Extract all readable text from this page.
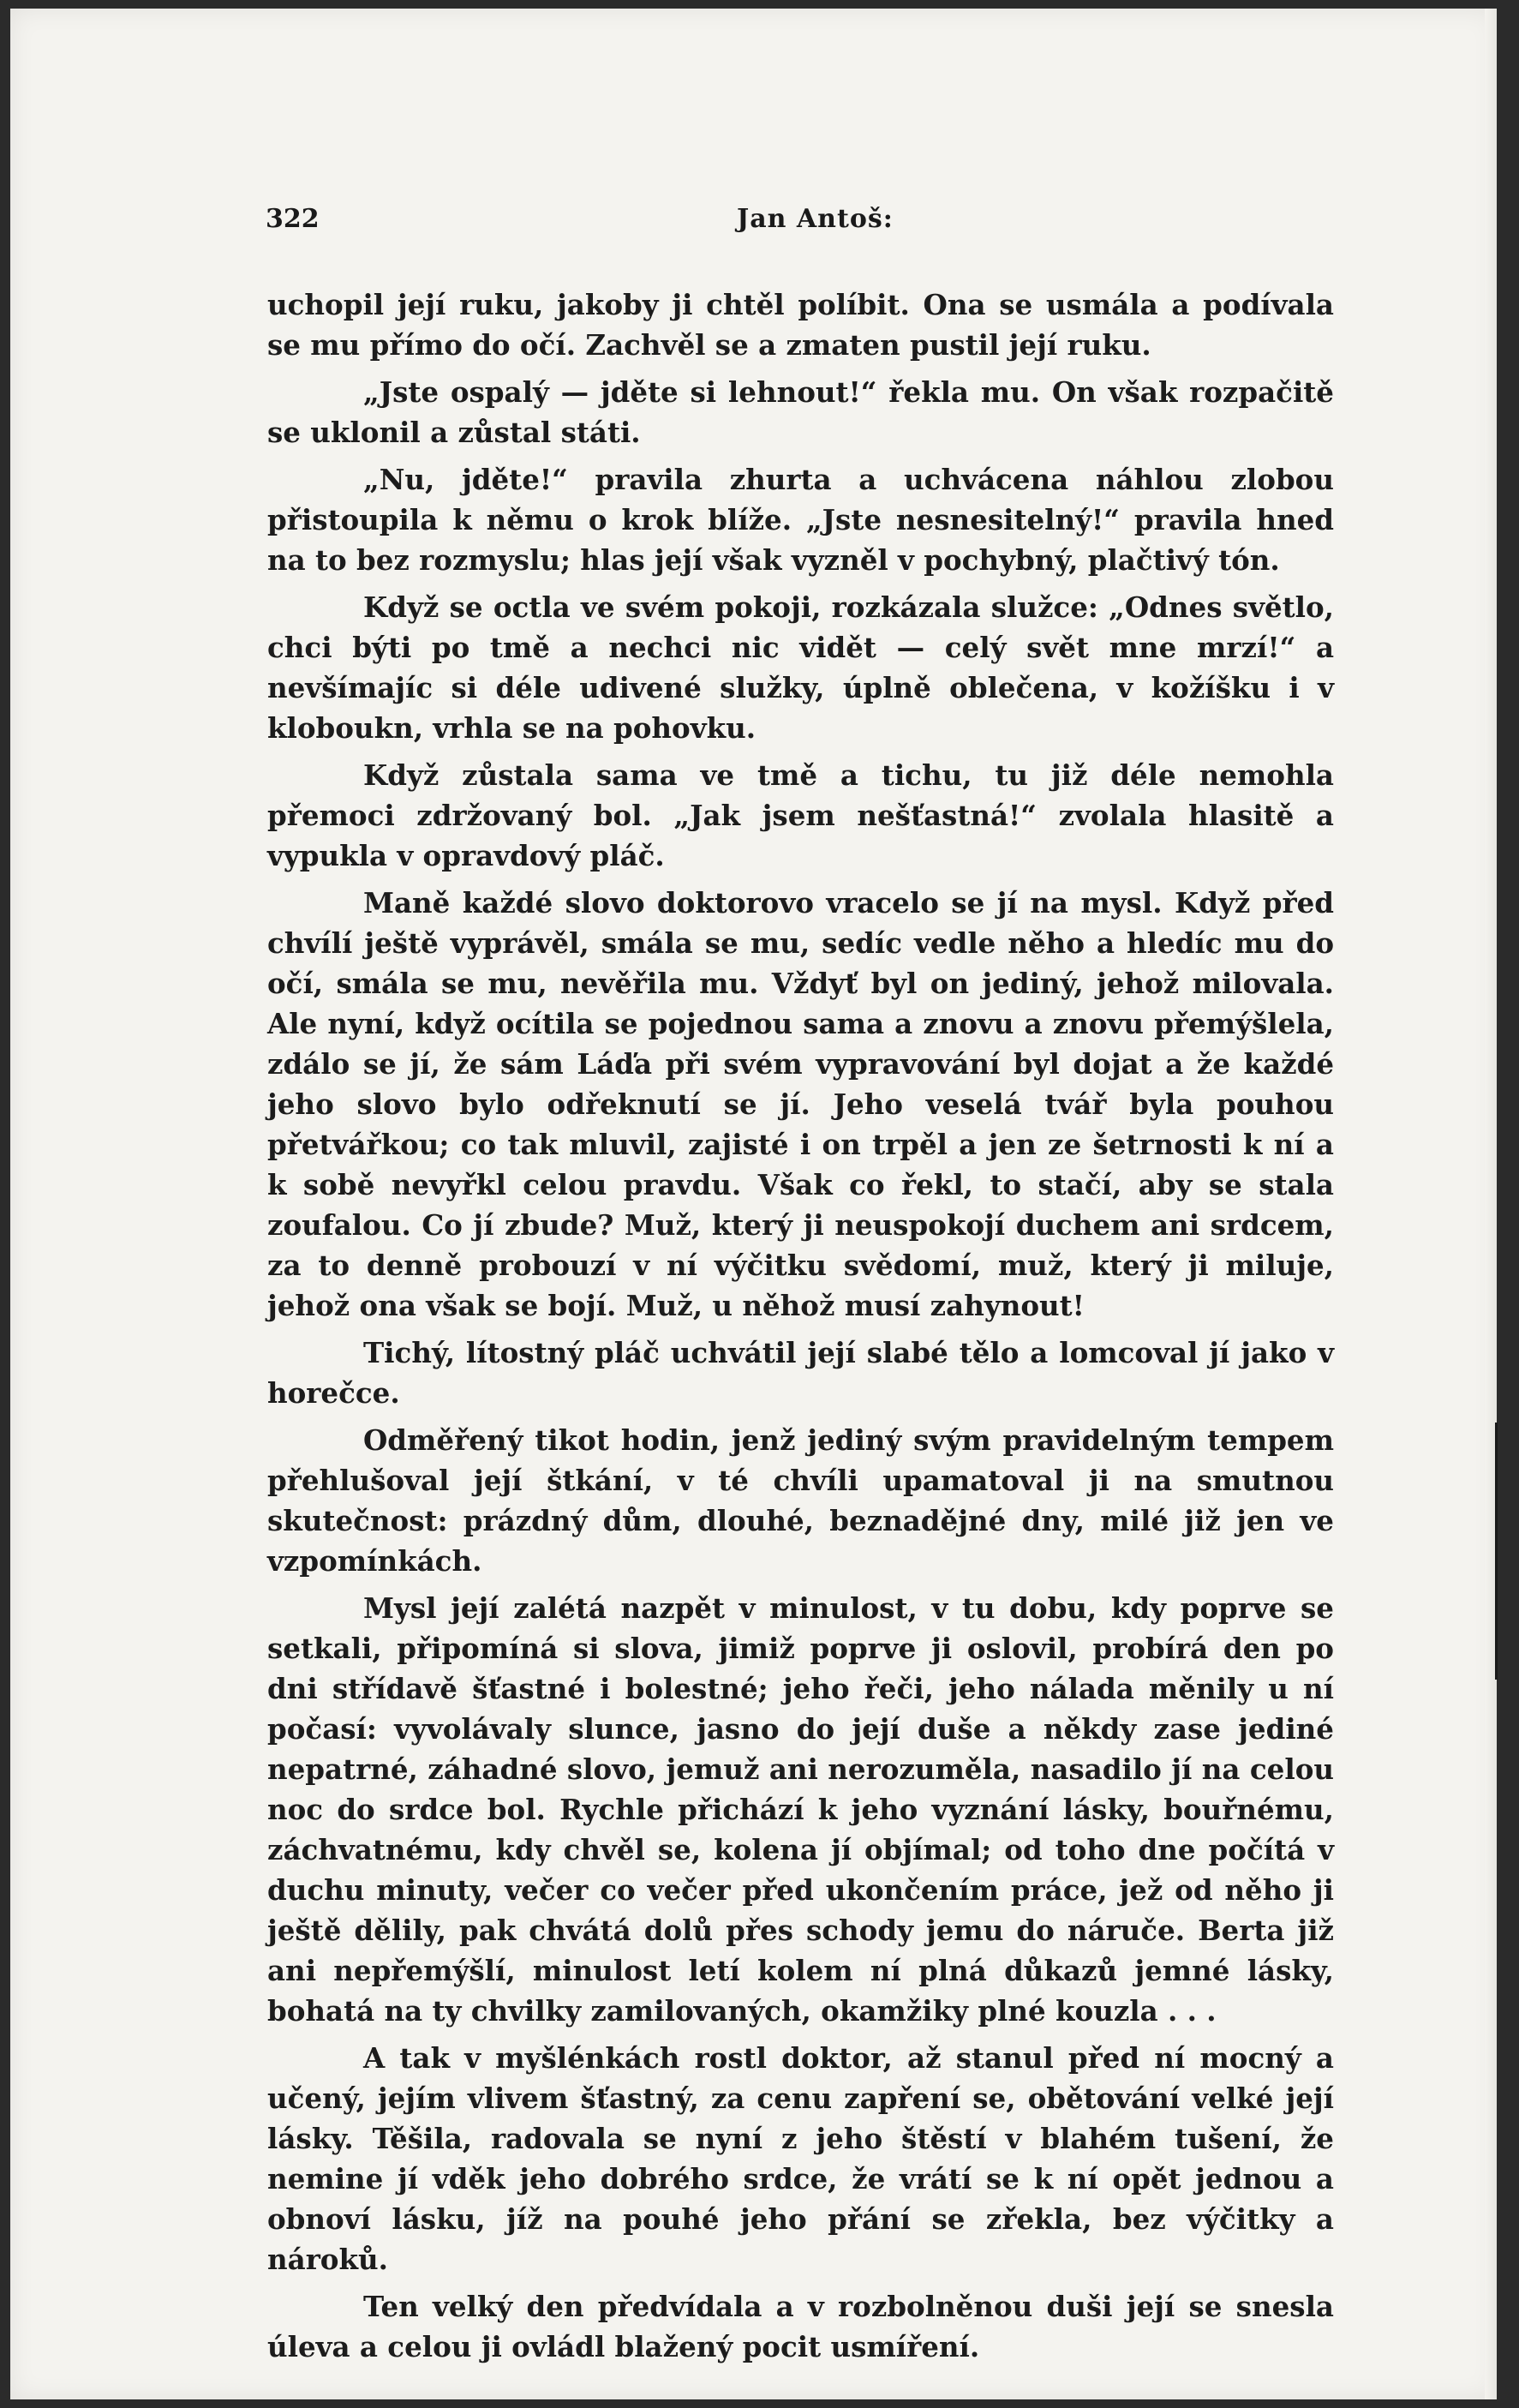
322	Jan Antoš:

uchopil její ruku, jakoby ji chtěl políbit. Ona se usmála a podívala se mu přímo do očí. Zachvěl se a zmaten pustil její ruku.

„Jste ospalý — jděte si lehnout!“ řekla mu. On však rozpačitě se uklonil a zůstal státi.

„Nu, jděte!“ pravila zhurta a uchvácena náhlou zlobou přistoupila k němu o krok blíže. „Jste nesnesitelný!“ pravila hned na to bez rozmyslu; hlas její však vyzněl v pochybný, plačtivý tón.

Když se octla ve svém pokoji, rozkázala služce: „Odnes světlo, chci býti po tmě a nechci nic vidět — celý svět mne mrzí!“ a nevšímajíc si déle udivené služky, úplně oblečena, v kožíšku i v kloboukn, vrhla se na pohovku.

Když zůstala sama ve tmě a tichu, tu již déle nemohla přemoci zdržovaný bol. „Jak jsem nešťastná!“ zvolala hlasitě a vypukla v opravdový pláč.

Maně každé slovo doktorovo vracelo se jí na mysl. Když před chvílí ještě vyprávěl, smála se mu, sedíc vedle něho a hledíc mu do očí, smála se mu, nevěřila mu. Vždyť byl on jediný, jehož milovala. Ale nyní, když ocítila se pojednou sama a znovu a znovu přemýšlela, zdálo se jí, že sám Láďa při svém vypravování byl dojat a že každé jeho slovo bylo odřeknutí se jí. Jeho veselá tvář byla pouhou přetvářkou; co tak mluvil, zajisté i on trpěl a jen ze šetrnosti k ní a k sobě nevyřkl celou pravdu. Však co řekl, to stačí, aby se stala zoufalou. Co jí zbude? Muž, který ji neuspokojí duchem ani srdcem, za to denně probouzí v ní výčitku svědomí, muž, který ji miluje, jehož ona však se bojí. Muž, u něhož musí zahynout!

Tichý, lítostný pláč uchvátil její slabé tělo a lomcoval jí jako v horečce.

Odměřený tikot hodin, jenž jediný svým pravidelným tempem přehlušoval její štkání, v té chvíli upamatoval ji na smutnou skutečnost: prázdný dům, dlouhé, beznadějné dny, milé již jen ve vzpomínkách.

Mysl její zalétá nazpět v minulost, v tu dobu, kdy poprve se setkali, připomíná si slova, jimiž poprve ji oslovil, probírá den po dni střídavě šťastné i bolestné; jeho řeči, jeho nálada měnily u ní počasí: vyvolávaly slunce, jasno do její duše a někdy zase jediné nepatrné, záhadné slovo, jemuž ani nerozuměla, nasadilo jí na celou noc do srdce bol. Rychle přichází k jeho vyznání lásky, bouřnému, záchvatnému, kdy chvěl se, kolena jí objímal; od toho dne počítá v duchu minuty, večer co večer před ukončením práce, jež od něho ji ještě dělily, pak chvátá dolů přes schody jemu do náruče. Berta již ani nepřemýšlí, minulost letí kolem ní plná důkazů jemné lásky, bohatá na ty chvilky zamilovaných, okamžiky plné kouzla . . .

A tak v myšlénkách rostl doktor, až stanul před ní mocný a učený, jejím vlivem šťastný, za cenu zapření se, obětování velké její lásky. Těšila, radovala se nyní z jeho štěstí v blahém tušení, že nemine jí vděk jeho dobrého srdce, že vrátí se k ní opět jednou a obnoví lásku, jíž na pouhé jeho přání se zřekla, bez výčitky a nároků.

Ten velký den předvídala a v rozbolněnou duši její se snesla úleva a celou ji ovládl blažený pocit usmíření.
